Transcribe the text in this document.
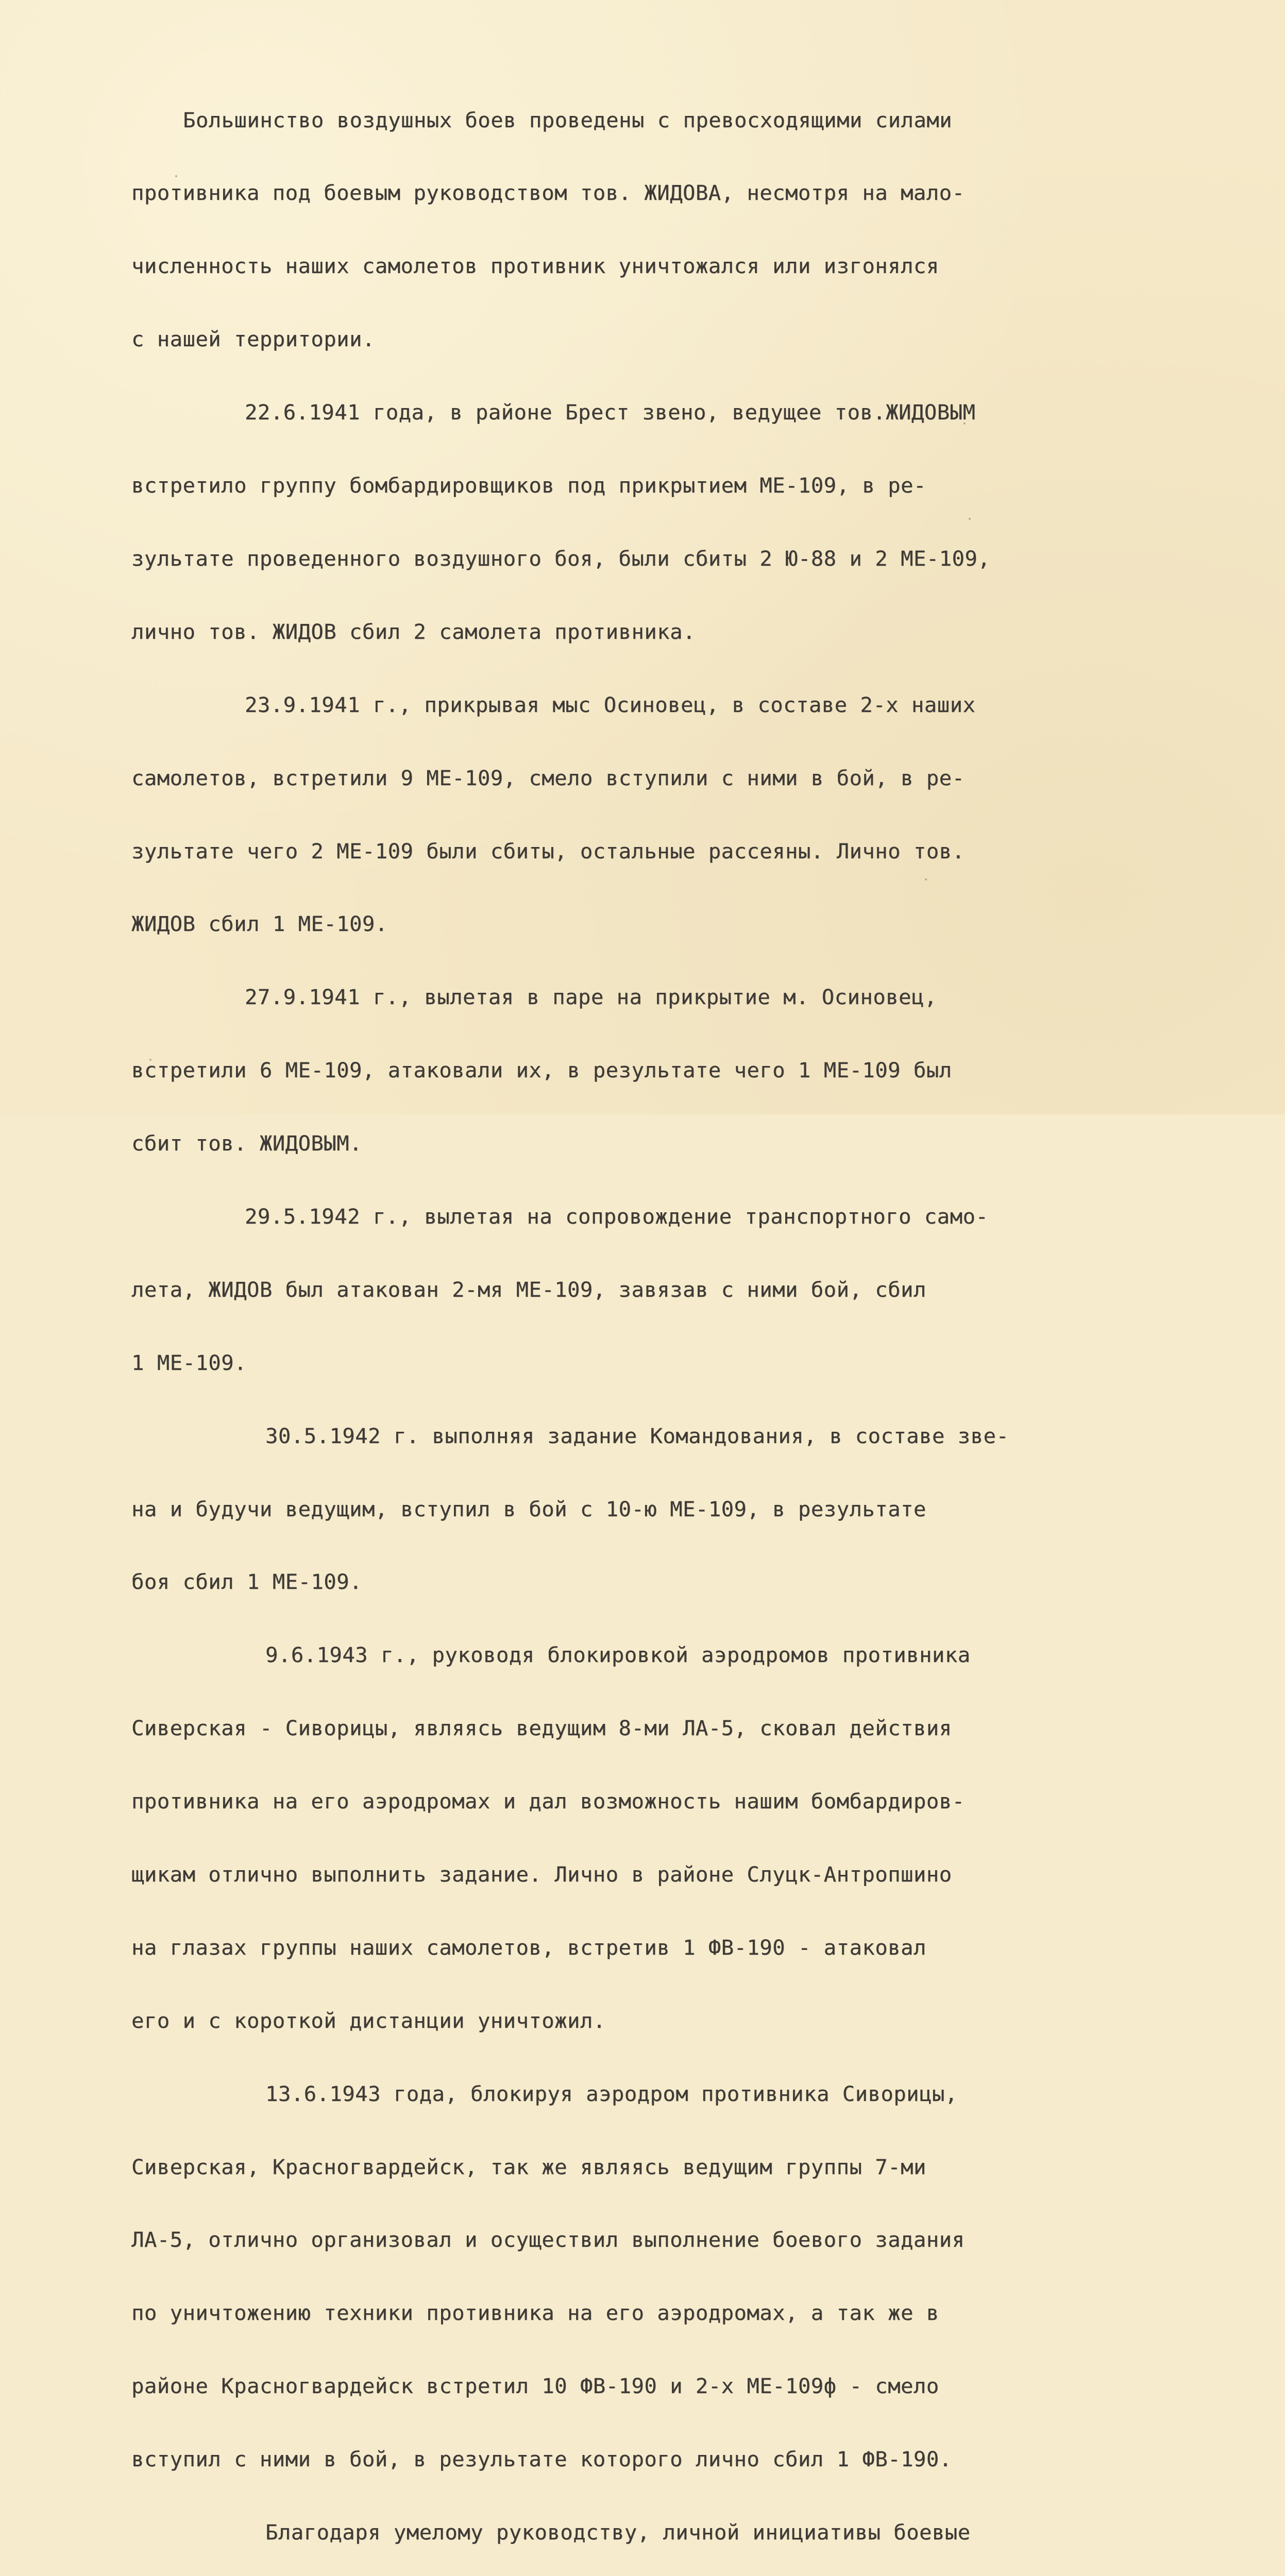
Большинство воздушных боев проведены с превосходящими силами

противника под боевым руководством тов. ЖИДОВА, несмотря на мало-

численность наших самолетов противник уничтожался или изгонялся

с нашей территории.

22.6.1941 года, в районе Брест звено, ведущее тов.ЖИДОВЫМ

встретило группу бомбардировщиков под прикрытием МЕ-109, в ре-

зультате проведенного воздушного боя, были сбиты 2 Ю-88 и 2 МЕ-109,

лично тов. ЖИДОВ сбил 2 самолета противника.

23.9.1941 г., прикрывая мыс Осиновец, в составе 2-х наших

самолетов, встретили 9 МЕ-109, смело вступили с ними в бой, в ре-

зультате чего 2 МЕ-109 были сбиты, остальные рассеяны. Лично тов.

ЖИДОВ сбил 1 МЕ-109.

27.9.1941 г., вылетая в паре на прикрытие м. Осиновец,

встретили 6 МЕ-109, атаковали их, в результате чего 1 МЕ-109 был

сбит тов. ЖИДОВЫМ.

29.5.1942 г., вылетая на сопровождение транспортного само-

лета, ЖИДОВ был атакован 2-мя МЕ-109, завязав с ними бой, сбил

1 МЕ-109.

30.5.1942 г. выполняя задание Командования, в составе зве-

на и будучи ведущим, вступил в бой с 10-ю МЕ-109, в результате

боя сбил 1 МЕ-109.

9.6.1943 г., руководя блокировкой аэродромов противника

Сиверская - Сиворицы, являясь ведущим 8-ми ЛА-5, сковал действия

противника на его аэродромах и дал возможность нашим бомбардиров-

щикам отлично выполнить задание. Лично в районе Слуцк-Антропшино

на глазах группы наших самолетов, встретив 1 ФВ-190 - атаковал

его и с короткой дистанции уничтожил.

13.6.1943 года, блокируя аэродром противника Сиворицы,

Сиверская, Красногвардейск, так же являясь ведущим группы 7-ми

ЛА-5, отлично организовал и осуществил выполнение боевого задания

по уничтожению техники противника на его аэродромах, а так же в

районе Красногвардейск встретил 10 ФВ-190 и 2-х МЕ-109ф - смело

вступил с ними в бой, в результате которого лично сбил 1 ФВ-190.

Благодаря умелому руководству, личной инициативы боевые
